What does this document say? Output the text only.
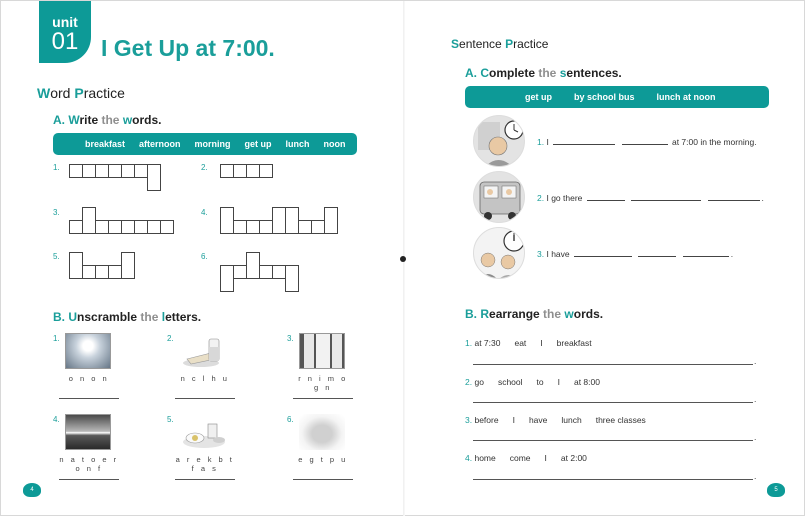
unit
01 I Get Up at 7:00.
Word Practice
A. Write the words.
breakfast afternoon morning get up lunch noon
1.	2.
3.	4.
5.	6.
B. Unscramble the letters.
1.
o n o n
2.
n c l h u
3.
r n i m o g n
4.
n a t o e r o n f
5.
a r e k b t f a s
6.
e g t p u
4
Sentence Practice
A. Complete the sentences.
get up by school bus lunch at noon
1. I	at 7:00 in the morning.
2. I go there	.
3. I have	.
B. Rearrange the words.
1. at 7:30 eat I breakfast
.
2. go school to I at 8:00
.
3. before I have lunch three classes
.
4. home come I at 2:00
.
5
